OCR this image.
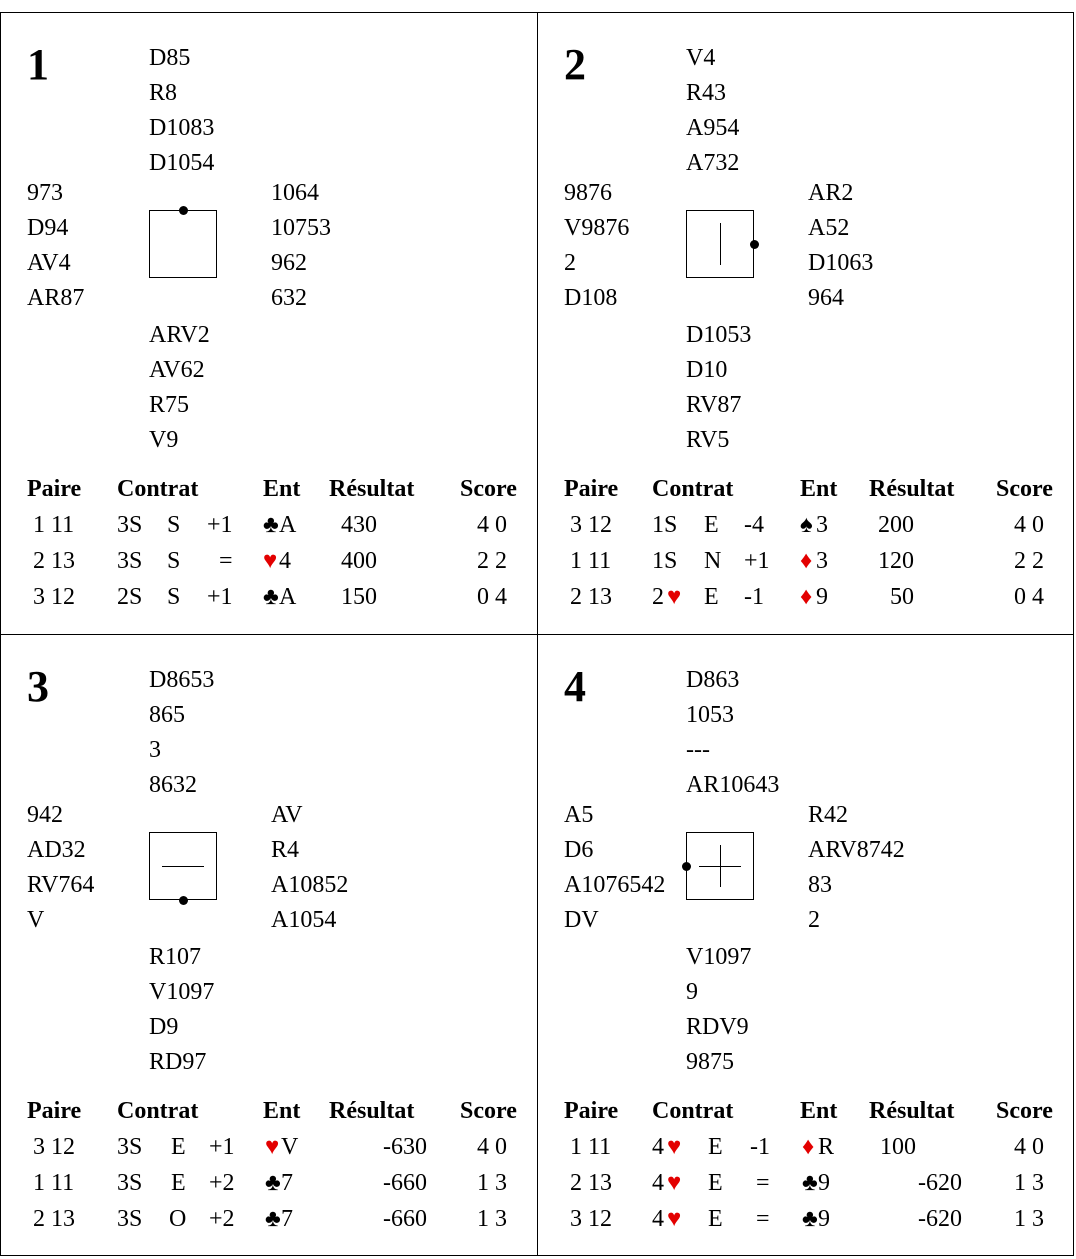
1	D85
R8
D1083
D1054
973
D94
AV4
AR87
1064
10753
962
632
ARV2
AV62
R75
V9
Paire Contrat	Ent Résultat Score
1 11 3S S +1 ♣ A 430	4 0
2 13 3S S = ♥ 4 400	2 2
3 12 2S S +1 ♣ A 150	0 4
2	V4
R43
A954
A732
9876
V9876
2
D108
AR2
A52
D1063
964
D1053
D10
RV87
RV5
Paire Contrat	Ent Résultat Score
3 12 1S E -4 ♠ 3 200	4 0
1 11 1S N +1 ♦ 3 120	2 2
2 13 2 ♥ E -1 ♦ 9	50	0 4
3	D8653
865
3
8632
942
AD32
RV764
V
AV
R4
A10852
A1054
R107
V1097
D9
RD97
Paire Contrat	Ent Résultat Score
3 12 3S E +1 ♥ V	-630 4 0
1 11 3S E +2 ♣ 7	-660 1 3
2 13 3S O +2 ♣ 7	-660 1 3
4	D863
1053
---
AR10643
A5
D6
A1076542
DV
R42
ARV8742
83
2
V1097
9
RDV9
9875
Paire Contrat	Ent Résultat Score
1 11 4 ♥ E -1 ♦ R 100	4 0
2 13 4 ♥ E = ♣ 9	-620 1 3
3 12 4 ♥ E = ♣ 9	-620 1 3
